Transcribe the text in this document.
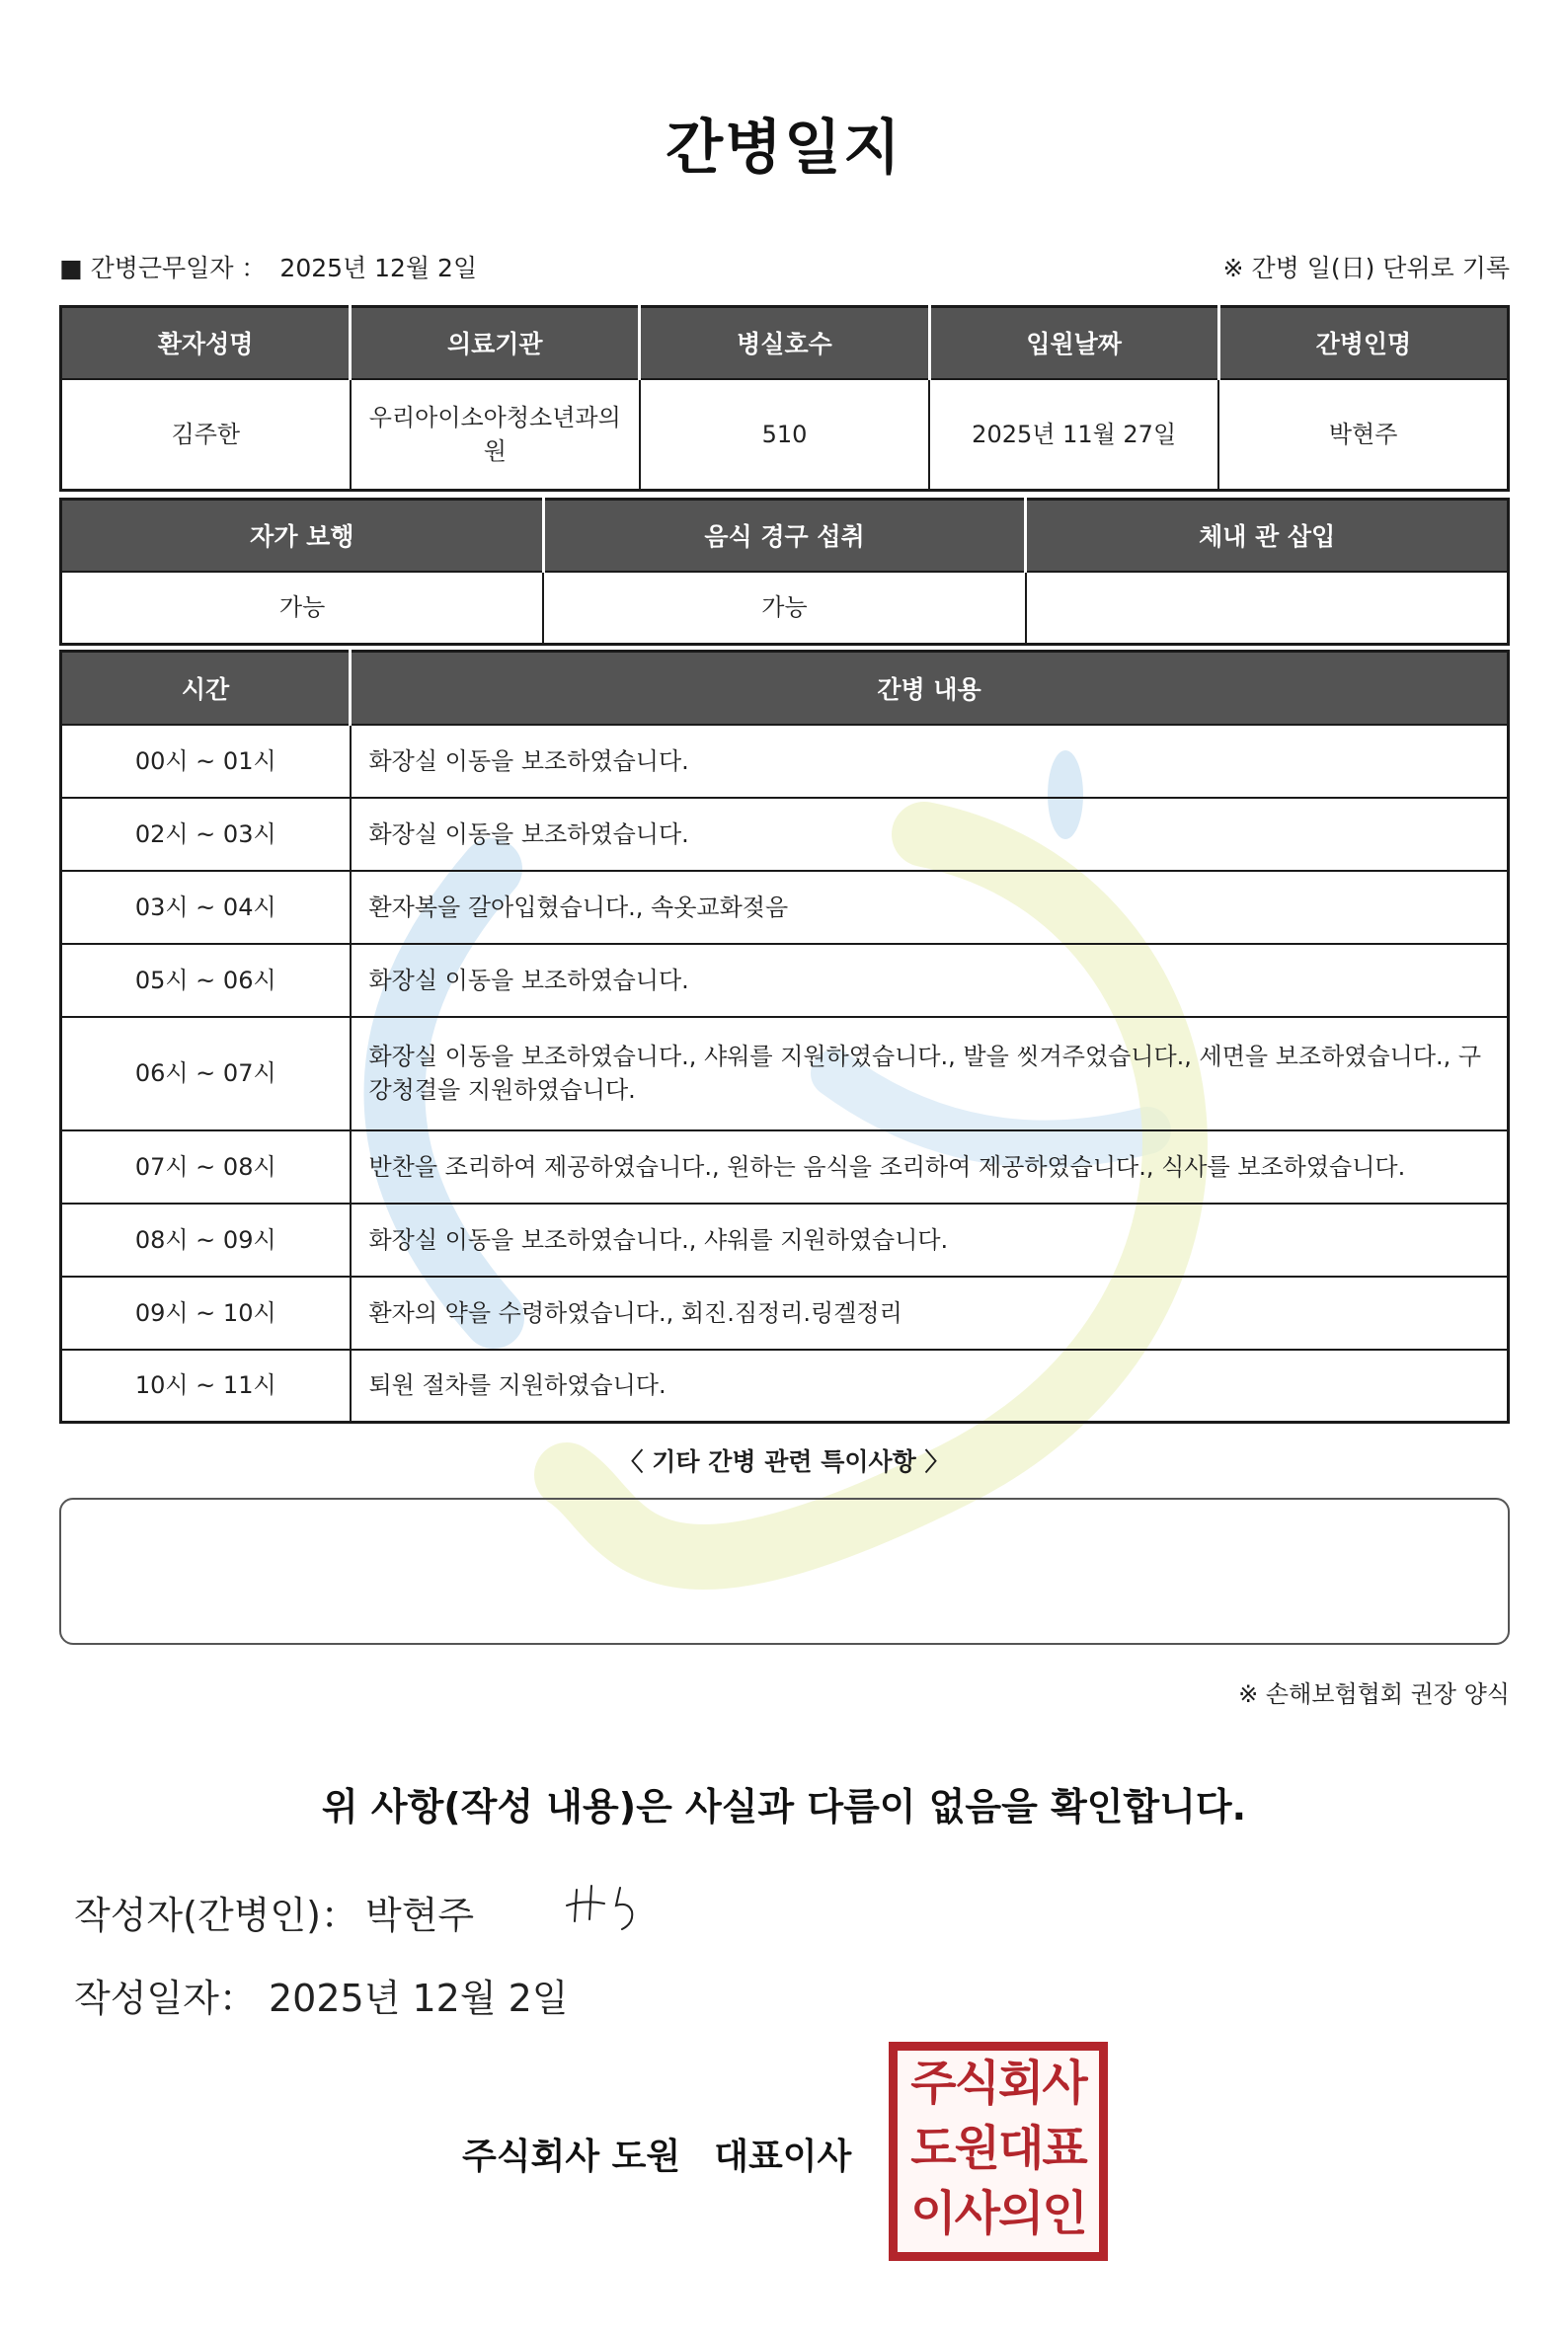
간병일지
■ 간병근무일자 ： 2025년 12월 2일	※ 간병 일(日) 단위로 기록
환자성명	의료기관	병실호수	입원날짜	간병인명
김주한	우리아이소아청소년과의원	510	2025년 11월 27일	박현주
자가 보행	음식 경구 섭취	체내 관 삽입
가능	가능	
시간	간병 내용
00시 ~ 01시	화장실 이동을 보조하였습니다.
02시 ~ 03시	화장실 이동을 보조하였습니다.
03시 ~ 04시	환자복을 갈아입혔습니다., 속옷교화젖음
05시 ~ 06시	화장실 이동을 보조하였습니다.
06시 ~ 07시	화장실 이동을 보조하였습니다., 샤워를 지원하였습니다., 발을 씻겨주었습니다., 세면을 보조하였습니다., 구강청결을 지원하였습니다.
07시 ~ 08시	반찬을 조리하여 제공하였습니다., 원하는 음식을 조리하여 제공하였습니다., 식사를 보조하였습니다.
08시 ~ 09시	화장실 이동을 보조하였습니다., 샤워를 지원하였습니다.
09시 ~ 10시	환자의 약을 수령하였습니다., 회진.짐정리.링겔정리
10시 ~ 11시	퇴원 절차를 지원하였습니다.
〈 기타 간병 관련 특이사항 〉
※ 손해보험협회 권장 양식
위 사항(작성 내용)은 사실과 다름이 없음을 확인합니다.
작성자(간병인)： 박현주
작성일자： 2025년 12월 2일
주식회사 도원 대표이사
주식회사
도원대표
이사의인
